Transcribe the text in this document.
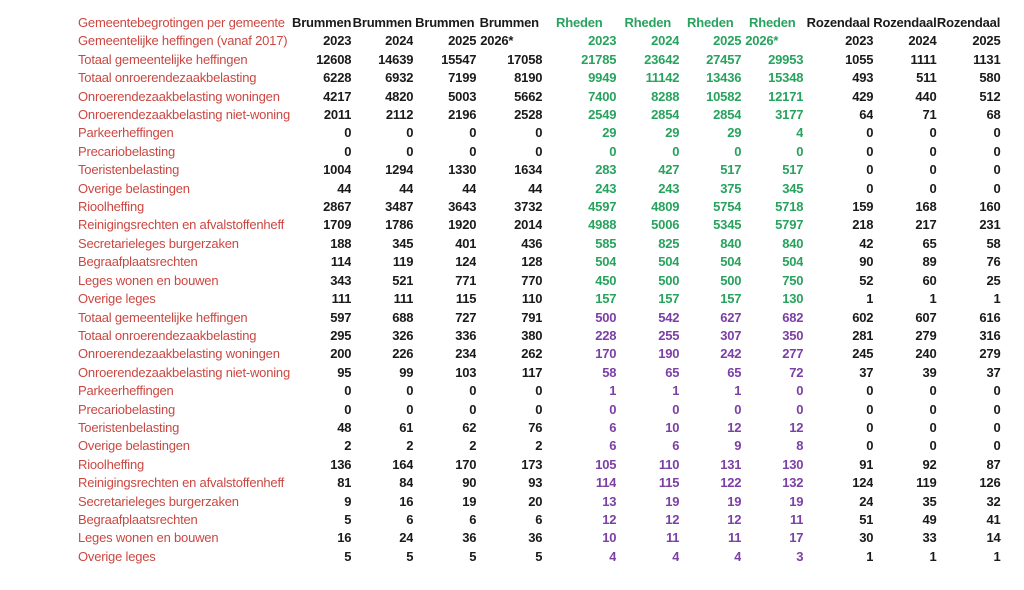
Gemeentebegrotingen per gemeente	Brummen	Brummen	Brummen	Brummen	Rheden	Rheden	Rheden	Rheden	Rozendaal	Rozendaal	Rozendaal
Gemeentelijke heffingen (vanaf 2017)	2023	2024	2025	2026*	2023	2024	2025	2026*	2023	2024	2025
Totaal gemeentelijke heffingen	12608	14639	15547	17058	21785	23642	27457	29953	1055	1111	1131
Totaal onroerendezaakbelasting	6228	6932	7199	8190	9949	11142	13436	15348	493	511	580
Onroerendezaakbelasting woningen	4217	4820	5003	5662	7400	8288	10582	12171	429	440	512
Onroerendezaakbelasting niet-woning	2011	2112	2196	2528	2549	2854	2854	3177	64	71	68
Parkeerheffingen	0	0	0	0	29	29	29	4	0	0	0
Precariobelasting	0	0	0	0	0	0	0	0	0	0	0
Toeristenbelasting	1004	1294	1330	1634	283	427	517	517	0	0	0
Overige belastingen	44	44	44	44	243	243	375	345	0	0	0
Rioolheffing	2867	3487	3643	3732	4597	4809	5754	5718	159	168	160
Reinigingsrechten en afvalstoffenheff	1709	1786	1920	2014	4988	5006	5345	5797	218	217	231
Secretarieleges burgerzaken	188	345	401	436	585	825	840	840	42	65	58
Begraafplaatsrechten	114	119	124	128	504	504	504	504	90	89	76
Leges wonen en bouwen	343	521	771	770	450	500	500	750	52	60	25
Overige leges	111	111	115	110	157	157	157	130	1	1	1
Totaal gemeentelijke heffingen	597	688	727	791	500	542	627	682	602	607	616
Totaal onroerendezaakbelasting	295	326	336	380	228	255	307	350	281	279	316
Onroerendezaakbelasting woningen	200	226	234	262	170	190	242	277	245	240	279
Onroerendezaakbelasting niet-woning	95	99	103	117	58	65	65	72	37	39	37
Parkeerheffingen	0	0	0	0	1	1	1	0	0	0	0
Precariobelasting	0	0	0	0	0	0	0	0	0	0	0
Toeristenbelasting	48	61	62	76	6	10	12	12	0	0	0
Overige belastingen	2	2	2	2	6	6	9	8	0	0	0
Rioolheffing	136	164	170	173	105	110	131	130	91	92	87
Reinigingsrechten en afvalstoffenheff	81	84	90	93	114	115	122	132	124	119	126
Secretarieleges burgerzaken	9	16	19	20	13	19	19	19	24	35	32
Begraafplaatsrechten	5	6	6	6	12	12	12	11	51	49	41
Leges wonen en bouwen	16	24	36	36	10	11	11	17	30	33	14
Overige leges	5	5	5	5	4	4	4	3	1	1	1
